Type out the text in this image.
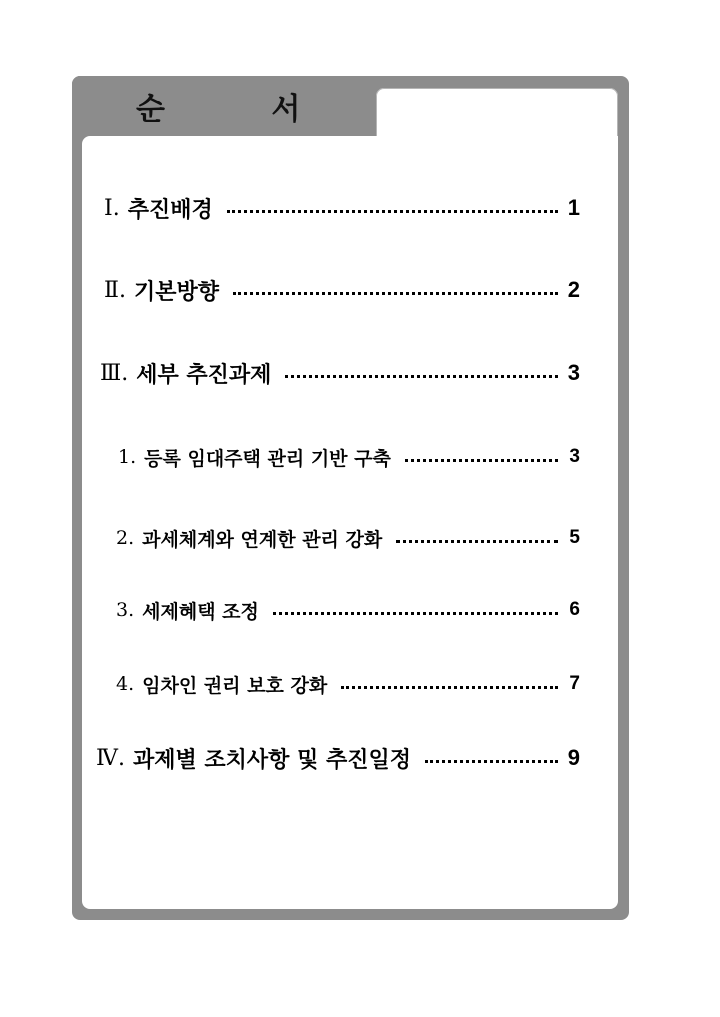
순 서
Ⅰ. 추진배경	1
Ⅱ. 기본방향	2
Ⅲ. 세부 추진과제	3
1. 등록 임대주택 관리 기반 구축	3
2. 과세체계와 연계한 관리 강화	5
3. 세제혜택 조정	6
4. 임차인 권리 보호 강화	7
Ⅳ. 과제별 조치사항 및 추진일정	9
